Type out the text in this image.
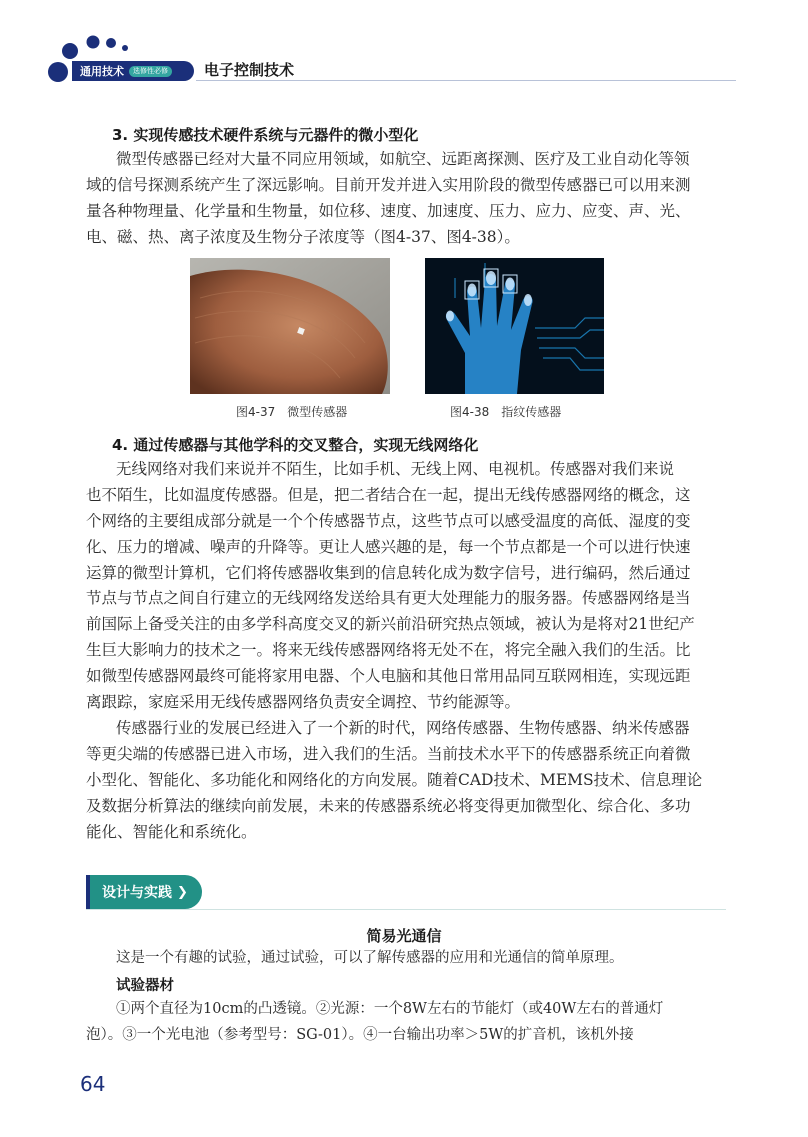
通用技术	选修性必修 电子控制技术
3. 实现传感技术硬件系统与元器件的微小型化
微型传感器已经对大量不同应用领域，如航空、远距离探测、医疗及工业自动化等领
域的信号探测系统产生了深远影响。目前开发并进入实用阶段的微型传感器已可以用来测
量各种物理量、化学量和生物量，如位移、速度、加速度、压力、应力、应变、声、光、
电、磁、热、离子浓度及生物分子浓度等（图4-37、图4-38）。
图4-37　微型传感器	图4-38　指纹传感器
4. 通过传感器与其他学科的交叉整合，实现无线网络化
无线网络对我们来说并不陌生，比如手机、无线上网、电视机。传感器对我们来说
也不陌生，比如温度传感器。但是，把二者结合在一起，提出无线传感器网络的概念，这
个网络的主要组成部分就是一个个传感器节点，这些节点可以感受温度的高低、湿度的变
化、压力的增减、噪声的升降等。更让人感兴趣的是，每一个节点都是一个可以进行快速
运算的微型计算机，它们将传感器收集到的信息转化成为数字信号，进行编码，然后通过
节点与节点之间自行建立的无线网络发送给具有更大处理能力的服务器。传感器网络是当
前国际上备受关注的由多学科高度交叉的新兴前沿研究热点领域，被认为是将对21世纪产
生巨大影响力的技术之一。将来无线传感器网络将无处不在，将完全融入我们的生活。比
如微型传感器网最终可能将家用电器、个人电脑和其他日常用品同互联网相连，实现远距
离跟踪，家庭采用无线传感器网络负责安全调控、节约能源等。
传感器行业的发展已经进入了一个新的时代，网络传感器、生物传感器、纳米传感器
等更尖端的传感器已进入市场，进入我们的生活。当前技术水平下的传感器系统正向着微
小型化、智能化、多功能化和网络化的方向发展。随着CAD技术、MEMS技术、信息理论
及数据分析算法的继续向前发展，未来的传感器系统必将变得更加微型化、综合化、多功
能化、智能化和系统化。
设计与实践 ❯
简易光通信
这是一个有趣的试验，通过试验，可以了解传感器的应用和光通信的简单原理。
试验器材
①两个直径为10cm的凸透镜。②光源：一个8W左右的节能灯（或40W左右的普通灯
泡）。③一个光电池（参考型号：SG-01）。④一台输出功率＞5W的扩音机，该机外接
64
